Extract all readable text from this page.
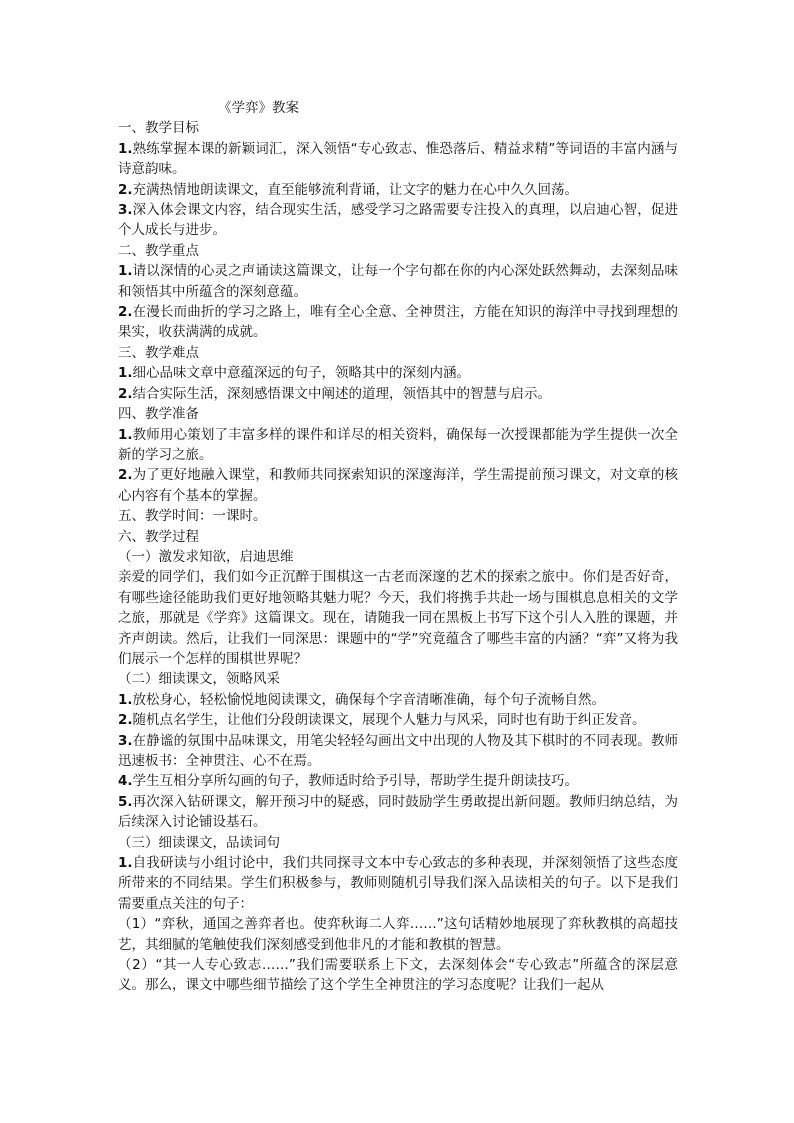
《学弈》教案

一、教学目标

1.熟练掌握本课的新颖词汇，深入领悟“专心致志、惟恐落后、精益求精”等词语的丰富内涵与诗意韵味。

2.充满热情地朗读课文，直至能够流利背诵，让文字的魅力在心中久久回荡。

3.深入体会课文内容，结合现实生活，感受学习之路需要专注投入的真理，以启迪心智，促进个人成长与进步。

二、教学重点

1.请以深情的心灵之声诵读这篇课文，让每一个字句都在你的内心深处跃然舞动，去深刻品味和领悟其中所蕴含的深刻意蕴。

2.在漫长而曲折的学习之路上，唯有全心全意、全神贯注，方能在知识的海洋中寻找到理想的果实，收获满满的成就。

三、教学难点

1.细心品味文章中意蕴深远的句子，领略其中的深刻内涵。

2.结合实际生活，深刻感悟课文中阐述的道理，领悟其中的智慧与启示。

四、教学准备

1.教师用心策划了丰富多样的课件和详尽的相关资料，确保每一次授课都能为学生提供一次全新的学习之旅。

2.为了更好地融入课堂，和教师共同探索知识的深邃海洋，学生需提前预习课文，对文章的核心内容有个基本的掌握。

五、教学时间：一课时。

六、教学过程

（一）激发求知欲，启迪思维

亲爱的同学们，我们如今正沉醉于围棋这一古老而深邃的艺术的探索之旅中。你们是否好奇，有哪些途径能助我们更好地领略其魅力呢？今天，我们将携手共赴一场与围棋息息相关的文学之旅，那就是《学弈》这篇课文。现在，请随我一同在黑板上书写下这个引人入胜的课题，并齐声朗读。然后，让我们一同深思：课题中的“学”究竟蕴含了哪些丰富的内涵？“弈”又将为我们展示一个怎样的围棋世界呢？

（二）细读课文，领略风采

1.放松身心，轻松愉悦地阅读课文，确保每个字音清晰准确，每个句子流畅自然。

2.随机点名学生，让他们分段朗读课文，展现个人魅力与风采，同时也有助于纠正发音。

3.在静谧的氛围中品味课文，用笔尖轻轻勾画出文中出现的人物及其下棋时的不同表现。教师迅速板书：全神贯注、心不在焉。

4.学生互相分享所勾画的句子，教师适时给予引导，帮助学生提升朗读技巧。

5.再次深入钻研课文，解开预习中的疑惑，同时鼓励学生勇敢提出新问题。教师归纳总结，为后续深入讨论铺设基石。

（三）细读课文，品读词句

1.自我研读与小组讨论中，我们共同探寻文本中专心致志的多种表现，并深刻领悟了这些态度所带来的不同结果。学生们积极参与，教师则随机引导我们深入品读相关的句子。以下是我们需要重点关注的句子：

（1）“弈秋，通国之善弈者也。使弈秋诲二人弈……”这句话精妙地展现了弈秋教棋的高超技艺，其细腻的笔触使我们深刻感受到他非凡的才能和教棋的智慧。

（2）“其一人专心致志……”我们需要联系上下文，去深刻体会“专心致志”所蕴含的深层意义。那么，课文中哪些细节描绘了这个学生全神贯注的学习态度呢？让我们一起从
